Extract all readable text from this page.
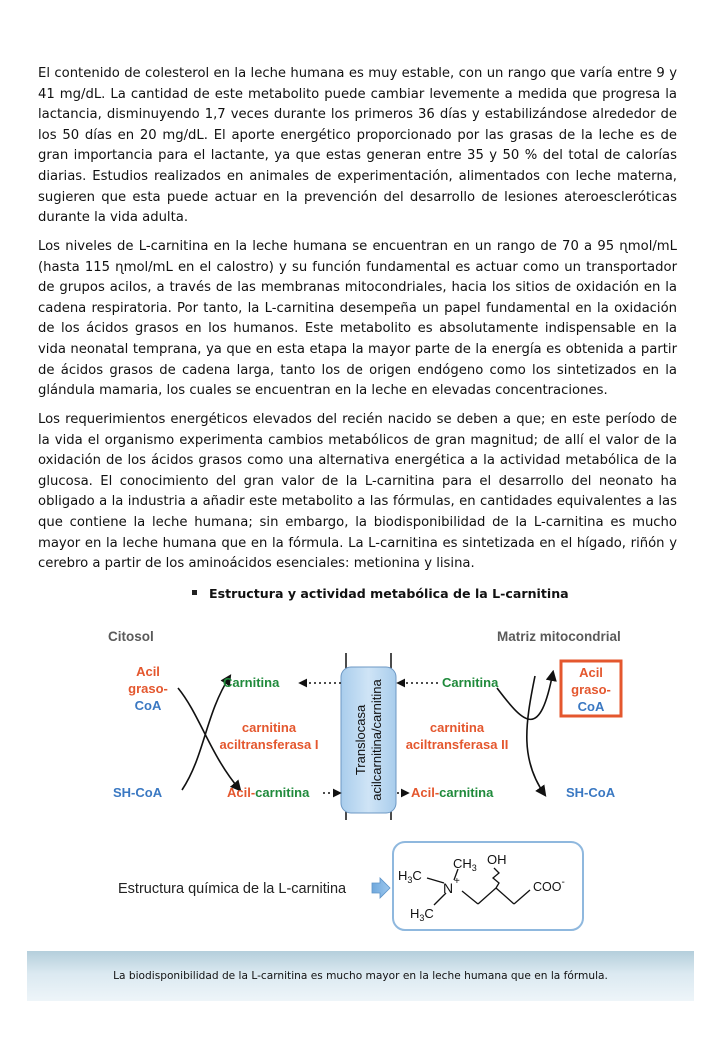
El contenido de colesterol en la leche humana es muy estable, con un rango que varía entre 9 y 41 mg/dL. La cantidad de este metabolito puede cambiar levemente a medida que progresa la lactancia, disminuyendo 1,7 veces durante los primeros 36 días y estabilizándose alrededor de los 50 días en 20 mg/dL. El aporte energético proporcionado por las grasas de la leche es de gran importancia para el lactante, ya que estas generan entre 35 y 50 % del total de calorías diarias. Estudios realizados en animales de experimentación, alimentados con leche materna, sugieren que esta puede actuar en la prevención del desarrollo de lesiones ateroescleróticas durante la vida adulta.
Los niveles de L-carnitina en la leche humana se encuentran en un rango de 70 a 95 ɳmol/mL (hasta 115 ɳmol/mL en el calostro) y su función fundamental es actuar como un transportador de grupos acilos, a través de las membranas mitocondriales, hacia los sitios de oxidación en la cadena respiratoria. Por tanto, la L-carnitina desempeña un papel fundamental en la oxidación de los ácidos grasos en los humanos. Este metabolito es absolutamente indispensable en la vida neonatal temprana, ya que en esta etapa la mayor parte de la energía es obtenida a partir de ácidos grasos de cadena larga, tanto los de origen endógeno como los sintetizados en la glándula mamaria, los cuales se encuentran en la leche en elevadas concentraciones.
Los requerimientos energéticos elevados del recién nacido se deben a que; en este período de la vida el organismo experimenta cambios metabólicos de gran magnitud; de allí el valor de la oxidación de los ácidos grasos como una alternativa energética a la actividad metabólica de la glucosa. El conocimiento del gran valor de la L-carnitina para el desarrollo del neonato ha obligado a la industria a añadir este metabolito a las fórmulas, en cantidades equivalentes a las que contiene la leche humana; sin embargo, la biodisponibilidad de la L-carnitina es mucho mayor en la leche humana que en la fórmula. La L-carnitina es sintetizada en el hígado, riñón y cerebro a partir de los aminoácidos esenciales: metionina y lisina.
Estructura y actividad metabólica de la L-carnitina
Citosol	Matriz mitocondrial
Acil
graso-
CoA
Acil
graso-
CoA
Carnitina	Carnitina
carnitina
aciltransferasa I
carnitina
aciltransferasa II
Acil-carnitina	Acil-carnitina
SH-CoA	SH-CoA
Translocasa acilcarnitina/carnitina
Estructura química de la L-carnitina
$H_3C$
$CH_3$
OH
N +
$H_3C$
COO-
La biodisponibilidad de la L-carnitina es mucho mayor en la leche humana que en la fórmula.
